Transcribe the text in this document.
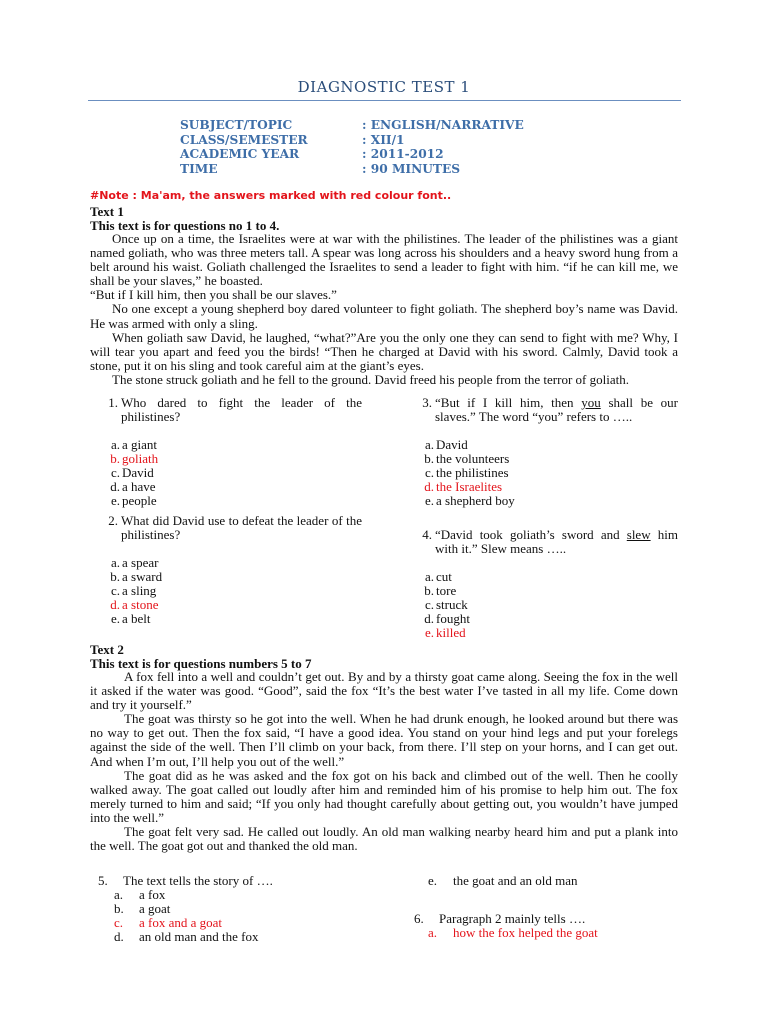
DIAGNOSTIC TEST 1
SUBJECT/TOPIC	: ENGLISH/NARRATIVE
CLASS/SEMESTER	: XII/1
ACADEMIC YEAR	: 2011-2012
TIME	: 90 MINUTES
#Note : Ma'am, the answers marked with red colour font..
Text 1
This text is for questions no 1 to 4.

Once up on a time, the Israelites were at war with the philistines. The leader of the philistines was a giant named goliath, who was three meters tall. A spear was long across his shoulders and a heavy sword hung from a belt around his waist. Goliath challenged the Israelites to send a leader to fight with him. “if he can kill me, we shall be your slaves,” he boasted.

“But if I kill him, then you shall be our slaves.”

No one except a young shepherd boy dared volunteer to fight goliath. The shepherd boy’s name was David. He was armed with only a sling.

When goliath saw David, he laughed, “what?”Are you the only one they can send to fight with me? Why, I will tear you apart and feed you the birds! “Then he charged at David with his sword. Calmly, David took a stone, put it on his sling and took careful aim at the giant’s eyes.

The stone struck goliath and he fell to the ground. David freed his people from the terror of goliath.

1. Who dared to fight the leader of the philistines?
a. a giant
b. goliath
c. David
d. a have
e. people
2. What did David use to defeat the leader of the philistines?
a. a spear
b. a sward
c. a sling
d. a stone
e. a belt
3. “But if I kill him, then you shall be our slaves.” The word “you” refers to …..
a. David
b. the volunteers
c. the philistines
d. the Israelites
e. a shepherd boy
4. “David took goliath’s sword and slew him with it.” Slew means …..
a. cut
b. tore
c. struck
d. fought
e. killed
Text 2
This text is for questions numbers 5 to 7

A fox fell into a well and couldn’t get out. By and by a thirsty goat came along. Seeing the fox in the well it asked if the water was good. “Good”, said the fox “It’s the best water I’ve tasted in all my life. Come down and try it yourself.”

The goat was thirsty so he got into the well. When he had drunk enough, he looked around but there was no way to get out. Then the fox said, “I have a good idea. You stand on your hind legs and put your forelegs against the side of the well. Then I’ll climb on your back, from there. I’ll step on your horns, and I can get out. And when I’m out, I’ll help you out of the well.”

The goat did as he was asked and the fox got on his back and climbed out of the well. Then he coolly walked away. The goat called out loudly after him and reminded him of his promise to help him out. The fox merely turned to him and said; “If you only had thought carefully about getting out, you wouldn’t have jumped into the well.”

The goat felt very sad. He called out loudly. An old man walking nearby heard him and put a plank into the well. The goat got out and thanked the old man.

5.	The text tells the story of ….
a.	a fox
b.	a goat
c.	a fox and a goat
d.	an old man and the fox
e.	the goat and an old man
6.	Paragraph 2 mainly tells ….
a.	how the fox helped the goat
